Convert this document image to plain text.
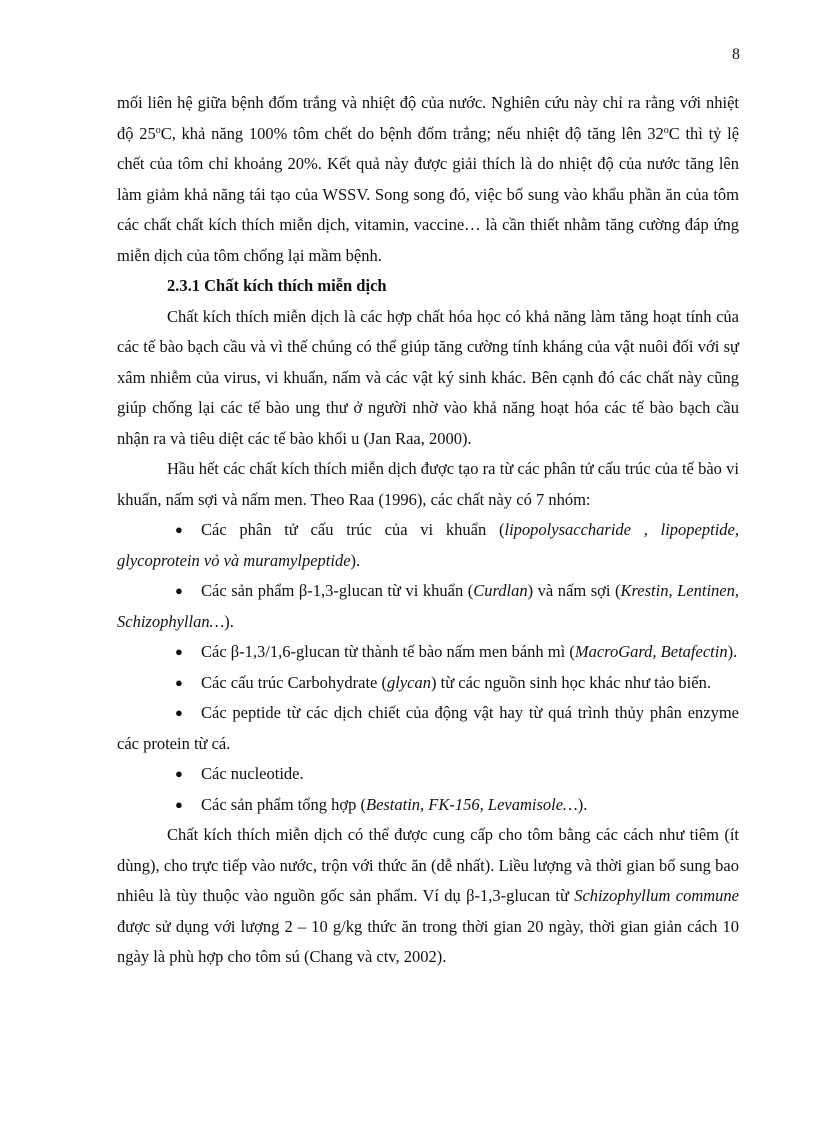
8

mối liên hệ giữa bệnh đốm trắng và nhiệt độ của nước. Nghiên cứu này chỉ ra rằng với nhiệt độ 25$^o$C, khả năng 100% tôm chết do bệnh đốm trắng; nếu nhiệt độ tăng lên 32$^o$C thì tỷ lệ chết của tôm chỉ khoảng 20%. Kết quả này được giải thích là do nhiệt độ của nước tăng lên làm giảm khả năng tái tạo của WSSV. Song song đó, việc bổ sung vào khẩu phần ăn của tôm các chất chất kích thích miễn dịch, vitamin, vaccine… là cần thiết nhằm tăng cường đáp ứng miễn dịch của tôm chống lại mầm bệnh.

2.3.1 Chất kích thích miễn dịch

Chất kích thích miễn dịch là các hợp chất hóa học có khả năng làm tăng hoạt tính của các tế bào bạch cầu và vì thế chúng có thể giúp tăng cường tính kháng của vật nuôi đối với sự xâm nhiễm của virus, vi khuẩn, nấm và các vật ký sinh khác. Bên cạnh đó các chất này cũng giúp chống lại các tế bào ung thư ở người nhờ vào khả năng hoạt hóa các tế bào bạch cầu nhận ra và tiêu diệt các tế bào khối u (Jan Raa, 2000).

Hầu hết các chất kích thích miễn dịch được tạo ra từ các phân tử cấu trúc của tế bào vi khuẩn, nấm sợi và nấm men. Theo Raa (1996), các chất này có 7 nhóm:

● Các phân tử cấu trúc của vi khuẩn (lipopolysaccharide , lipopeptide, glycoprotein vỏ và muramylpeptide).
● Các sản phẩm β-1,3-glucan từ vi khuẩn (Curdlan) và nấm sợi (Krestin, Lentinen, Schizophyllan…).
● Các β-1,3/1,6-glucan từ thành tế bào nấm men bánh mì (MacroGard, Betafectin).
● Các cấu trúc Carbohydrate (glycan) từ các nguồn sinh học khác như tảo biển.
● Các peptide từ các dịch chiết của động vật hay từ quá trình thủy phân enzyme các protein từ cá.
● Các nucleotide.
● Các sản phẩm tổng hợp (Bestatin, FK-156, Levamisole…).

Chất kích thích miễn dịch có thể được cung cấp cho tôm bằng các cách như tiêm (ít dùng), cho trực tiếp vào nước, trộn với thức ăn (dễ nhất). Liều lượng và thời gian bổ sung bao nhiêu là tùy thuộc vào nguồn gốc sản phẩm. Ví dụ β-1,3-glucan từ Schizophyllum commune được sử dụng với lượng 2 – 10 g/kg thức ăn trong thời gian 20 ngày, thời gian giản cách 10 ngày là phù hợp cho tôm sú (Chang và ctv, 2002).
